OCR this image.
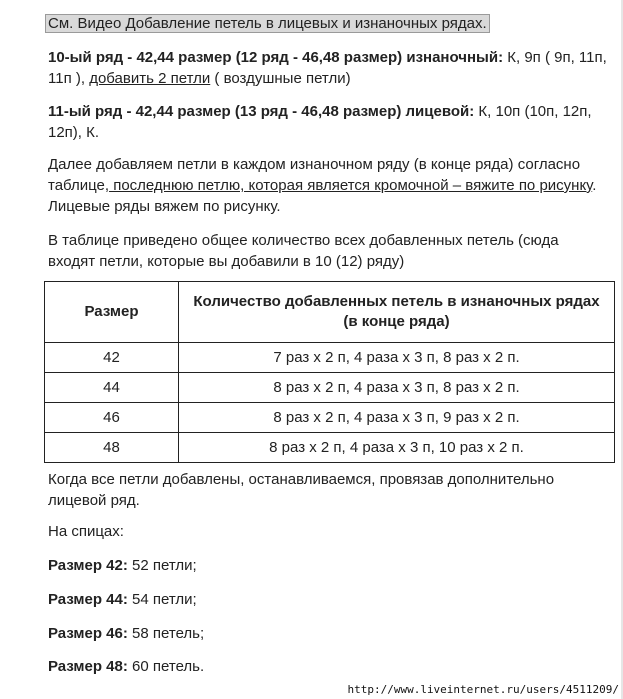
См. Видео Добавление петель в лицевых и изнаночных рядах.

10-ый ряд - 42,44 размер (12 ряд - 46,48 размер) изнаночный: К, 9п ( 9п, 11п, 11п ), добавить 2 петли ( воздушные петли)

11-ый ряд - 42,44 размер (13 ряд - 46,48 размер) лицевой: К, 10п (10п, 12п, 12п), К.

Далее добавляем петли в каждом изнаночном ряду (в конце ряда) согласно таблице, последнюю петлю, которая является кромочной – вяжите по рисунку. Лицевые ряды вяжем по рисунку.

В таблице приведено общее количество всех добавленных петель (сюда входят петли, которые вы добавили в 10 (12) ряду)

Размер	Количество добавленных петель в изнаночных рядах (в конце ряда)
42	7 раз х 2 п, 4 раза х 3 п, 8 раз х 2 п.
44	8 раз х 2 п, 4 раза х 3 п, 8 раз х 2 п.
46	8 раз х 2 п, 4 раза х 3 п, 9 раз х 2 п.
48	8 раз х 2 п, 4 раза х 3 п, 10 раз х 2 п.

Когда все петли добавлены, останавливаемся, провязав дополнительно лицевой ряд.

На спицах:

Размер 42: 52 петли;

Размер 44: 54 петли;

Размер 46: 58 петель;

Размер 48: 60 петель.

http://www.liveinternet.ru/users/4511209/
